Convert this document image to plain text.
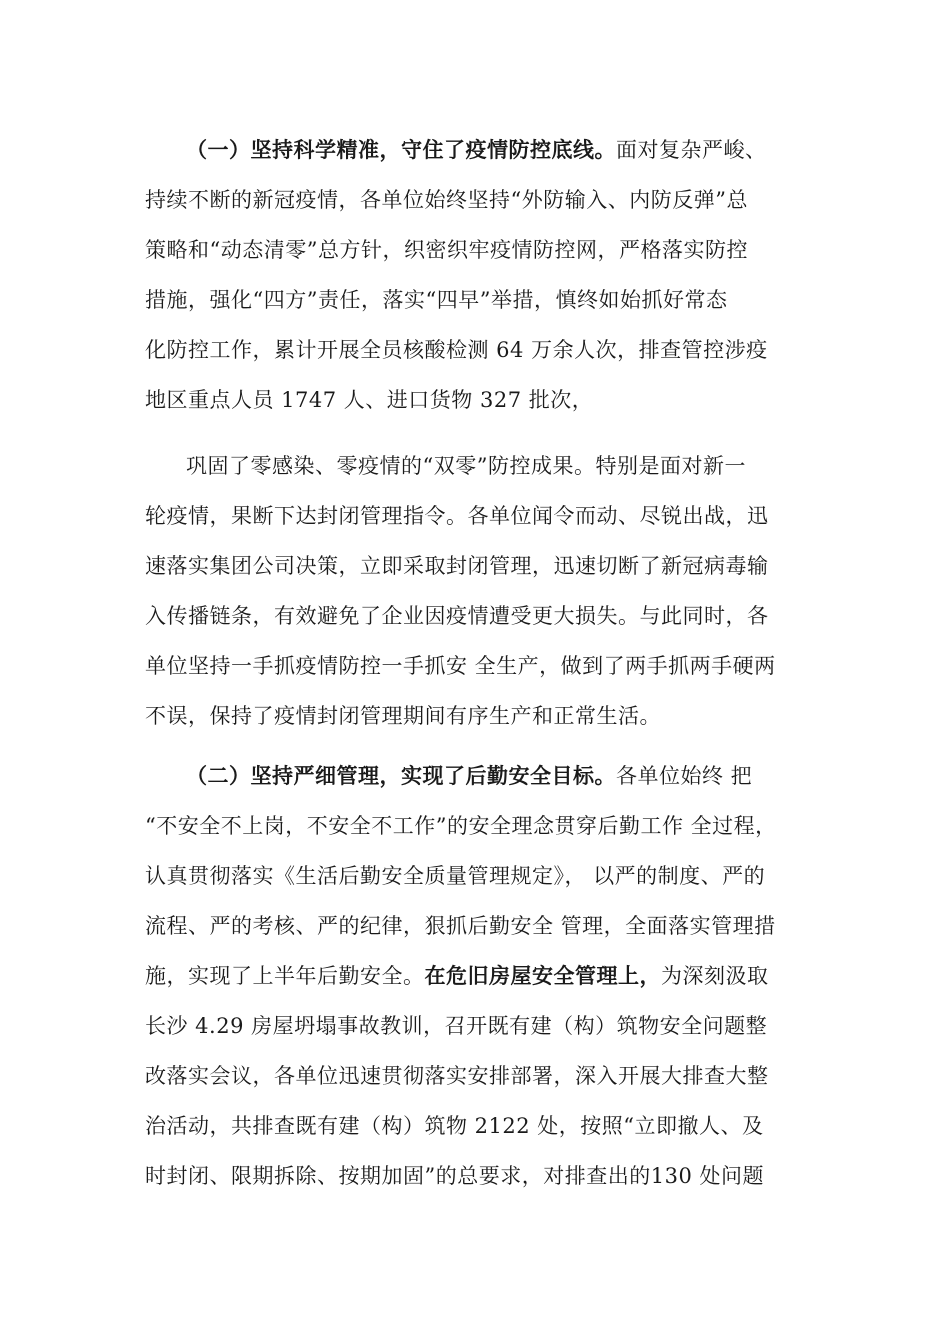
（一）坚持科学精准，守住了疫情防控底线。面对复杂严峻、
持续不断的新冠疫情，各单位始终坚持“外防输入、内防反弹”总
策略和“动态清零”总方针，织密织牢疫情防控网，严格落实防控
措施，强化“四方”责任，落实“四早”举措，慎终如始抓好常态
化防控工作，累计开展全员核酸检测 64 万余人次，排查管控涉疫
地区重点人员 1747 人、进口货物 327 批次，
巩固了零感染、零疫情的“双零”防控成果。特别是面对新一
轮疫情，果断下达封闭管理指令。各单位闻令而动、尽锐出战，迅
速落实集团公司决策，立即采取封闭管理，迅速切断了新冠病毒输
入传播链条，有效避免了企业因疫情遭受更大损失。与此同时，各
单位坚持一手抓疫情防控一手抓安 全生产，做到了两手抓两手硬两
不误，保持了疫情封闭管理期间有序生产和正常生活。
（二）坚持严细管理，实现了后勤安全目标。各单位始终 把
“不安全不上岗，不安全不工作”的安全理念贯穿后勤工作 全过程，
认真贯彻落实《生活后勤安全质量管理规定》， 以严的制度、严的
流程、严的考核、严的纪律，狠抓后勤安全 管理，全面落实管理措
施，实现了上半年后勤安全。在危旧房屋安全管理上，为深刻汲取
长沙 4.29 房屋坍塌事故教训，召开既有建（构）筑物安全问题整
改落实会议，各单位迅速贯彻落实安排部署，深入开展大排查大整
治活动，共排查既有建（构）筑物 2122 处，按照“立即撤人、及
时封闭、限期拆除、按期加固”的总要求，对排查出的130 处问题
